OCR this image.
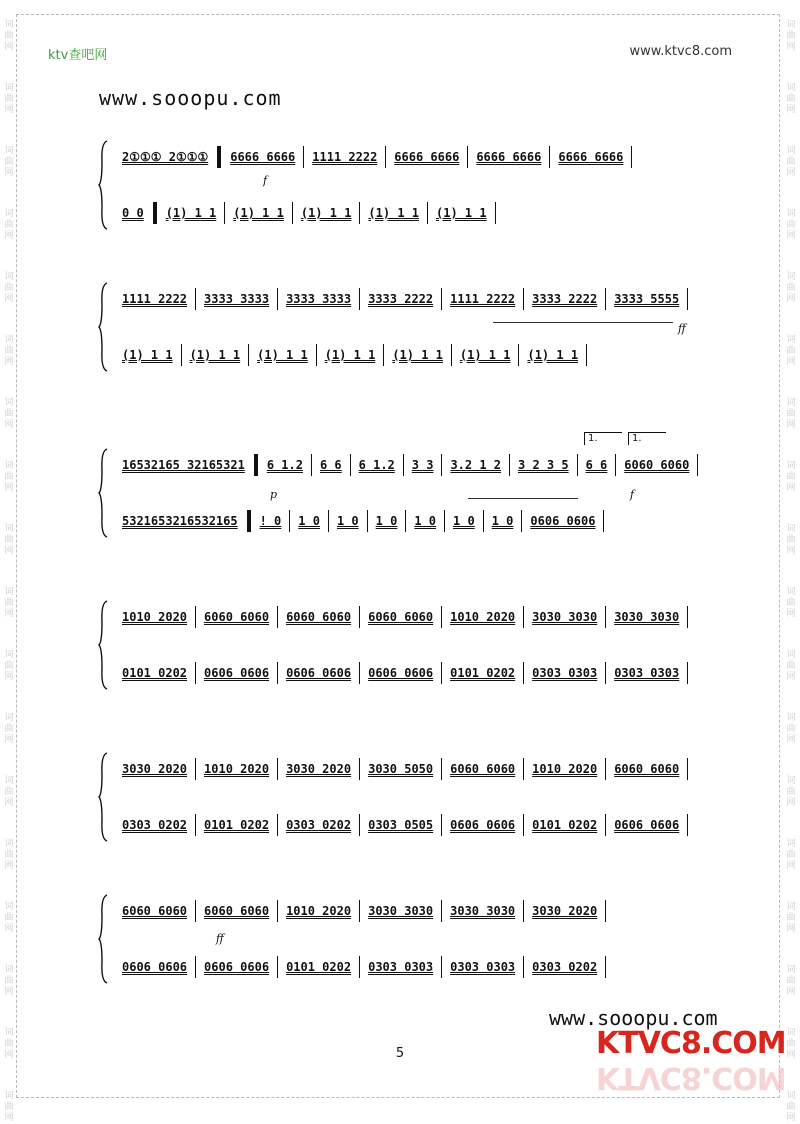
词
曲
网
词
曲
网
词
曲
网
词
曲
网
词
曲
网
词
曲
网
词
曲
网
词
曲
网
词
曲
网
词
曲
网
词
曲
网
词
曲
网
词
曲
网
词
曲
网
词
曲
网
词
曲
网
词
曲
网
词
曲
网
词
曲
网
词
曲
网
词
曲
网
词
曲
网
词
曲
网
词
曲
网
词
曲
网
词
曲
网
词
曲
网
词
曲
网
词
曲
网
词
曲
网
词
曲
网
词
曲
网
词
曲
网
词
曲
网
词
曲
网
词
曲
网
ktv查吧网	www.ktvc8.com
www.sooopu.com
2①①① 2①①①	6666 6666	1111 2222	6666 6666	6666 6666	6666 6666
0 0	(1) 1 1	(1) 1 1	(1) 1 1	(1) 1 1	(1) 1 1
f
1111 2222	3333 3333	3333 3333	3333 2222	1111 2222	3333 2222	3333 5555
(1) 1 1	(1) 1 1	(1) 1 1	(1) 1 1	(1) 1 1	(1) 1 1	(1) 1 1
ff
16532165 32165321	6 1.2	6 6	6 1.2	3 3	3.2 1 2	3 2 3 5	6 6	6060 6060
5321653216532165	! 0	1 0	1 0	1 0	1 0	1 0	1 0	0606 0606
p	f
1.	1.
1010 2020	6060 6060	6060 6060	6060 6060	1010 2020	3030 3030	3030 3030
0101 0202	0606 0606	0606 0606	0606 0606	0101 0202	0303 0303	0303 0303
3030 2020	1010 2020	3030 2020	3030 5050	6060 6060	1010 2020	6060 6060
0303 0202	0101 0202	0303 0202	0303 0505	0606 0606	0101 0202	0606 0606
6060 6060	6060 6060	1010 2020	3030 3030	3030 3030	3030 2020
0606 0606	0606 0606	0101 0202	0303 0303	0303 0303	0303 0202
ff
www.sooopu.com
KTVC8.COM
KTVC8.COM
5
